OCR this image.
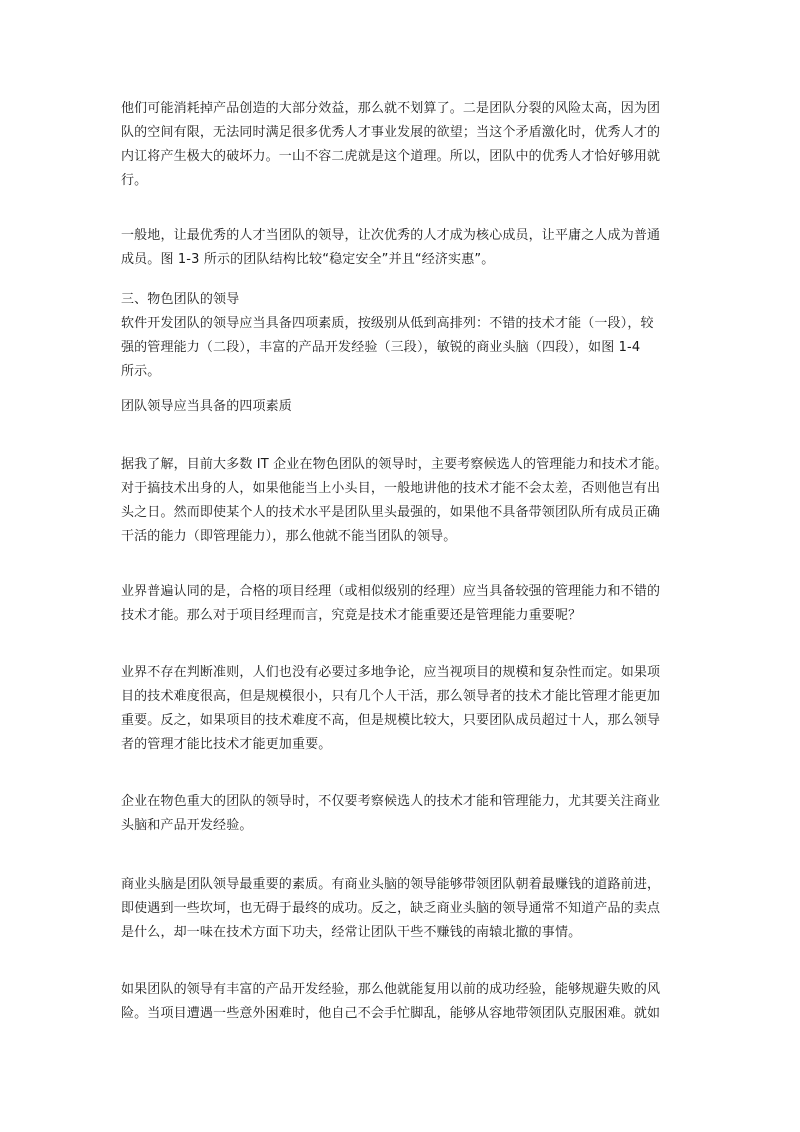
他们可能消耗掉产品创造的大部分效益，那么就不划算了。二是团队分裂的风险太高，因为团
队的空间有限，无法同时满足很多优秀人才事业发展的欲望；当这个矛盾激化时，优秀人才的
内讧将产生极大的破坏力。一山不容二虎就是这个道理。所以，团队中的优秀人才恰好够用就
行。
一般地，让最优秀的人才当团队的领导，让次优秀的人才成为核心成员，让平庸之人成为普通
成员。图 1-3 所示的团队结构比较“稳定安全”并且“经济实惠”。
三、物色团队的领导
软件开发团队的领导应当具备四项素质，按级别从低到高排列：不错的技术才能（一段），较
强的管理能力（二段），丰富的产品开发经验（三段），敏锐的商业头脑（四段），如图 1-4
所示。
团队领导应当具备的四项素质
据我了解，目前大多数 IT 企业在物色团队的领导时，主要考察候选人的管理能力和技术才能。
对于搞技术出身的人，如果他能当上小头目，一般地讲他的技术才能不会太差，否则他岂有出
头之日。然而即使某个人的技术水平是团队里头最强的，如果他不具备带领团队所有成员正确
干活的能力（即管理能力），那么他就不能当团队的领导。
业界普遍认同的是，合格的项目经理（或相似级别的经理）应当具备较强的管理能力和不错的
技术才能。那么对于项目经理而言，究竟是技术才能重要还是管理能力重要呢？
业界不存在判断准则，人们也没有必要过多地争论，应当视项目的规模和复杂性而定。如果项
目的技术难度很高，但是规模很小，只有几个人干活，那么领导者的技术才能比管理才能更加
重要。反之，如果项目的技术难度不高，但是规模比较大，只要团队成员超过十人，那么领导
者的管理才能比技术才能更加重要。
企业在物色重大的团队的领导时，不仅要考察候选人的技术才能和管理能力，尤其要关注商业
头脑和产品开发经验。
商业头脑是团队领导最重要的素质。有商业头脑的领导能够带领团队朝着最赚钱的道路前进，
即使遇到一些坎坷，也无碍于最终的成功。反之，缺乏商业头脑的领导通常不知道产品的卖点
是什么，却一味在技术方面下功夫，经常让团队干些不赚钱的南辕北撤的事情。
如果团队的领导有丰富的产品开发经验，那么他就能复用以前的成功经验，能够规避失败的风
险。当项目遭遇一些意外困难时，他自己不会手忙脚乱，能够从容地带领团队克服困难。就如
